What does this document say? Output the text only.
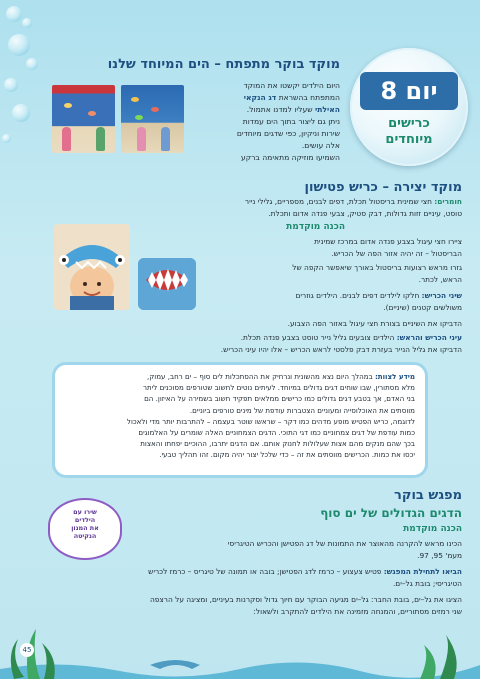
מוקד בוקר מתפתח – הים המיוחד שלנו
יום 8
כרישים
מיוחדים
היום הילדים יקשטו את המוקד
המתפתח בהשראת דג הנקאי
האילתי שעליו למדנו אתמול.
ניתן גם ליצור בתוך הים עמדות
שירות וניקיון, כפי שדגים מיוחדים
אלה עושים.
השמיעו מוזיקה מתאימה ברקע
מוקד יצירה – כריש פטישון
חומרים: חצי שמינית בריסטול תכלת, דפים לבנים, מספריים, גלילי נייר
טוסט, עיניים זזות גדולות, דבק סטיק, צבעי פנדה אדום ותכלת.
הכנה מוקדמת
ציירו חצי עיגול בצבע פנדה אדום במרכז שמינית
הבריסטול – זה יהיה אזור הפה של הכריש.
גזרו מראש רצועות בריסטול באורך שיאפשר הקפה של
הראש, לכתר.
שיני הכריש: חלקו לילדים דפים לבנים. הילדים גוזרים
משולשים קטנים (שיניים).
הדביקו את השיניים בצורת חצי עיגול באזור הפה הצבוע.
עיני הכריש והראש: הילדים צובעים גליל נייר טוסט בצבע פנדה תכלת.
הדביקו את גליל הנייר בעזרת דבק פלסטי לראש הכריש – אלו יהיו עיני הכריש.
מידע לצוות: במהלך היום נצא מהשונית ונרחיק את ההסתכלות לים סוף – ים רחב, עמוק,
מלא מסתורין, שבו שוחים דגים גדולים במיוחד. לעיתים נוטים לחשוב שטורפים מסוכנים ליתר
בני האדם, אך בטבע דגים גדולים כמו כרישים ממלאים תפקיד חשוב בשמירה על האיזון. הם
מווסתים את האוכלוסייה ומעוניים הצטברות עודפת של מינים טורפים ביוניים.
לדוגמה, כריש הפטיש מופע מדהים כמו דקר – שראשו שוטר בעצמה – להתרבות יותר מדי ולאכול
כמות עודפת של דגים צמחוניים כמו דגי התוכי. הדגים הצמחוניים האלה שומרים על האלמוגים
בכך שהם מנקים מהם אצות שעלולות לחנוק אותם. אם הדגים יתרבו, ההוכיים יפחתו והאצות
יכסו את כמות. הכרישים מווסתים את זה – כדי שלכל יצור יהיה מקום. זהו תהליך טבעי.
מפגש בוקר
הדגים הגדולים של ים סוף
הכנה מוקדמת
הכינו מראש להקרנה מהאוצר את התמונות של דג הפטישן והכריש הטיגריסי
מעמ' 95, 97.
הביאו לתחילת המפגש: פטיש צעצוע – כרמז לדג הפטישן; בובה או תמונה של טיגריס – כרמז לכריש
הטיגריסי; בובת גל–ים.
הציגו את גל–ים, בובת החבר: גל–ים מגיעה הבוקר עם חיוך גדול וסקרנות בעיניים, ומציגה על הרצפה
שני רמזים מסתוריים, והמנחה מזמינה את הילדים להתקרב ולשאול:
שירו עם
הילדים
את המנון
הנקיטה
45
